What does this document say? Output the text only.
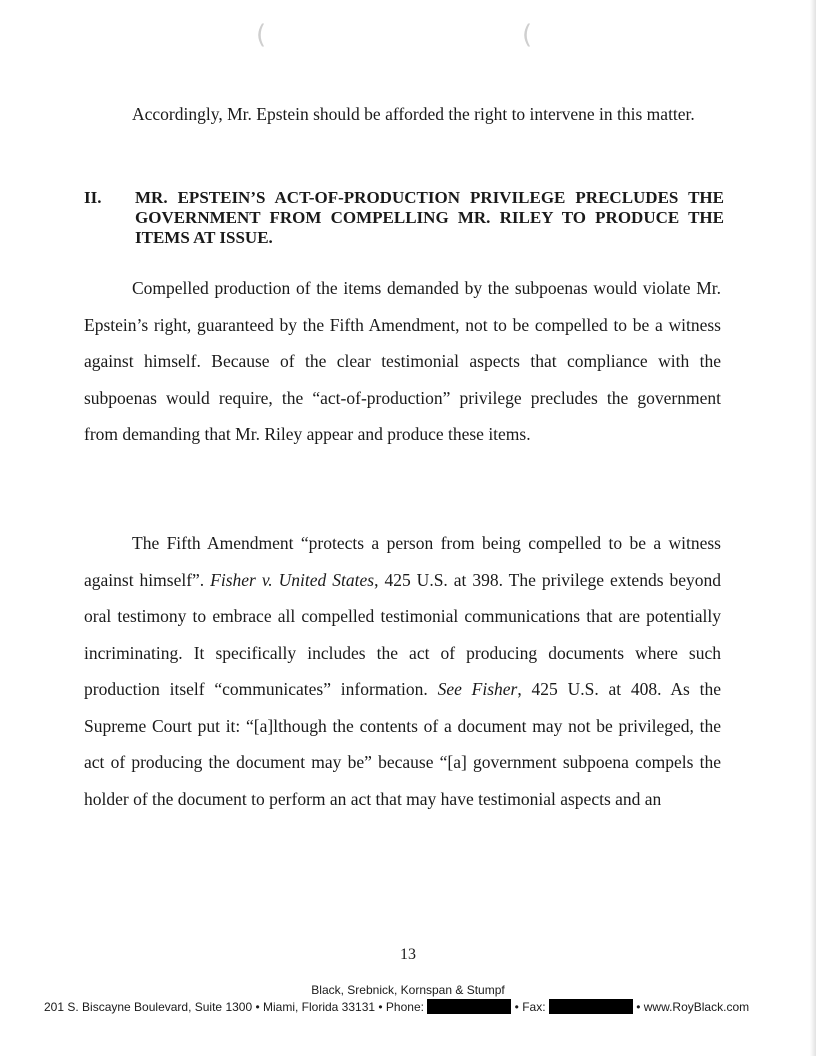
(	(

Accordingly, Mr. Epstein should be afforded the right to intervene in this matter.

II. MR. EPSTEIN’S ACT-OF-PRODUCTION PRIVILEGE PRECLUDES THE GOVERNMENT FROM COMPELLING MR. RILEY TO PRODUCE THE ITEMS AT ISSUE.

Compelled production of the items demanded by the subpoenas would violate Mr. Epstein’s right, guaranteed by the Fifth Amendment, not to be compelled to be a witness against himself. Because of the clear testimonial aspects that compliance with the subpoenas would require, the “act-of-production” privilege precludes the government from demanding that Mr. Riley appear and produce these items.

The Fifth Amendment “protects a person from being compelled to be a witness against himself”. Fisher v. United States, 425 U.S. at 398. The privilege extends beyond oral testimony to embrace all compelled testimonial communications that are potentially incriminating. It specifically includes the act of producing documents where such production itself “communicates” information. See Fisher, 425 U.S. at 408. As the Supreme Court put it: “[a]lthough the contents of a document may not be privileged, the act of producing the document may be” because “[a] government subpoena compels the holder of the document to perform an act that may have testimonial aspects and an

13
Black, Srebnick, Kornspan & Stumpf
201 S. Biscayne Boulevard, Suite 1300 • Miami, Florida 33131 • Phone:	• Fax:	• www.RoyBlack.com
